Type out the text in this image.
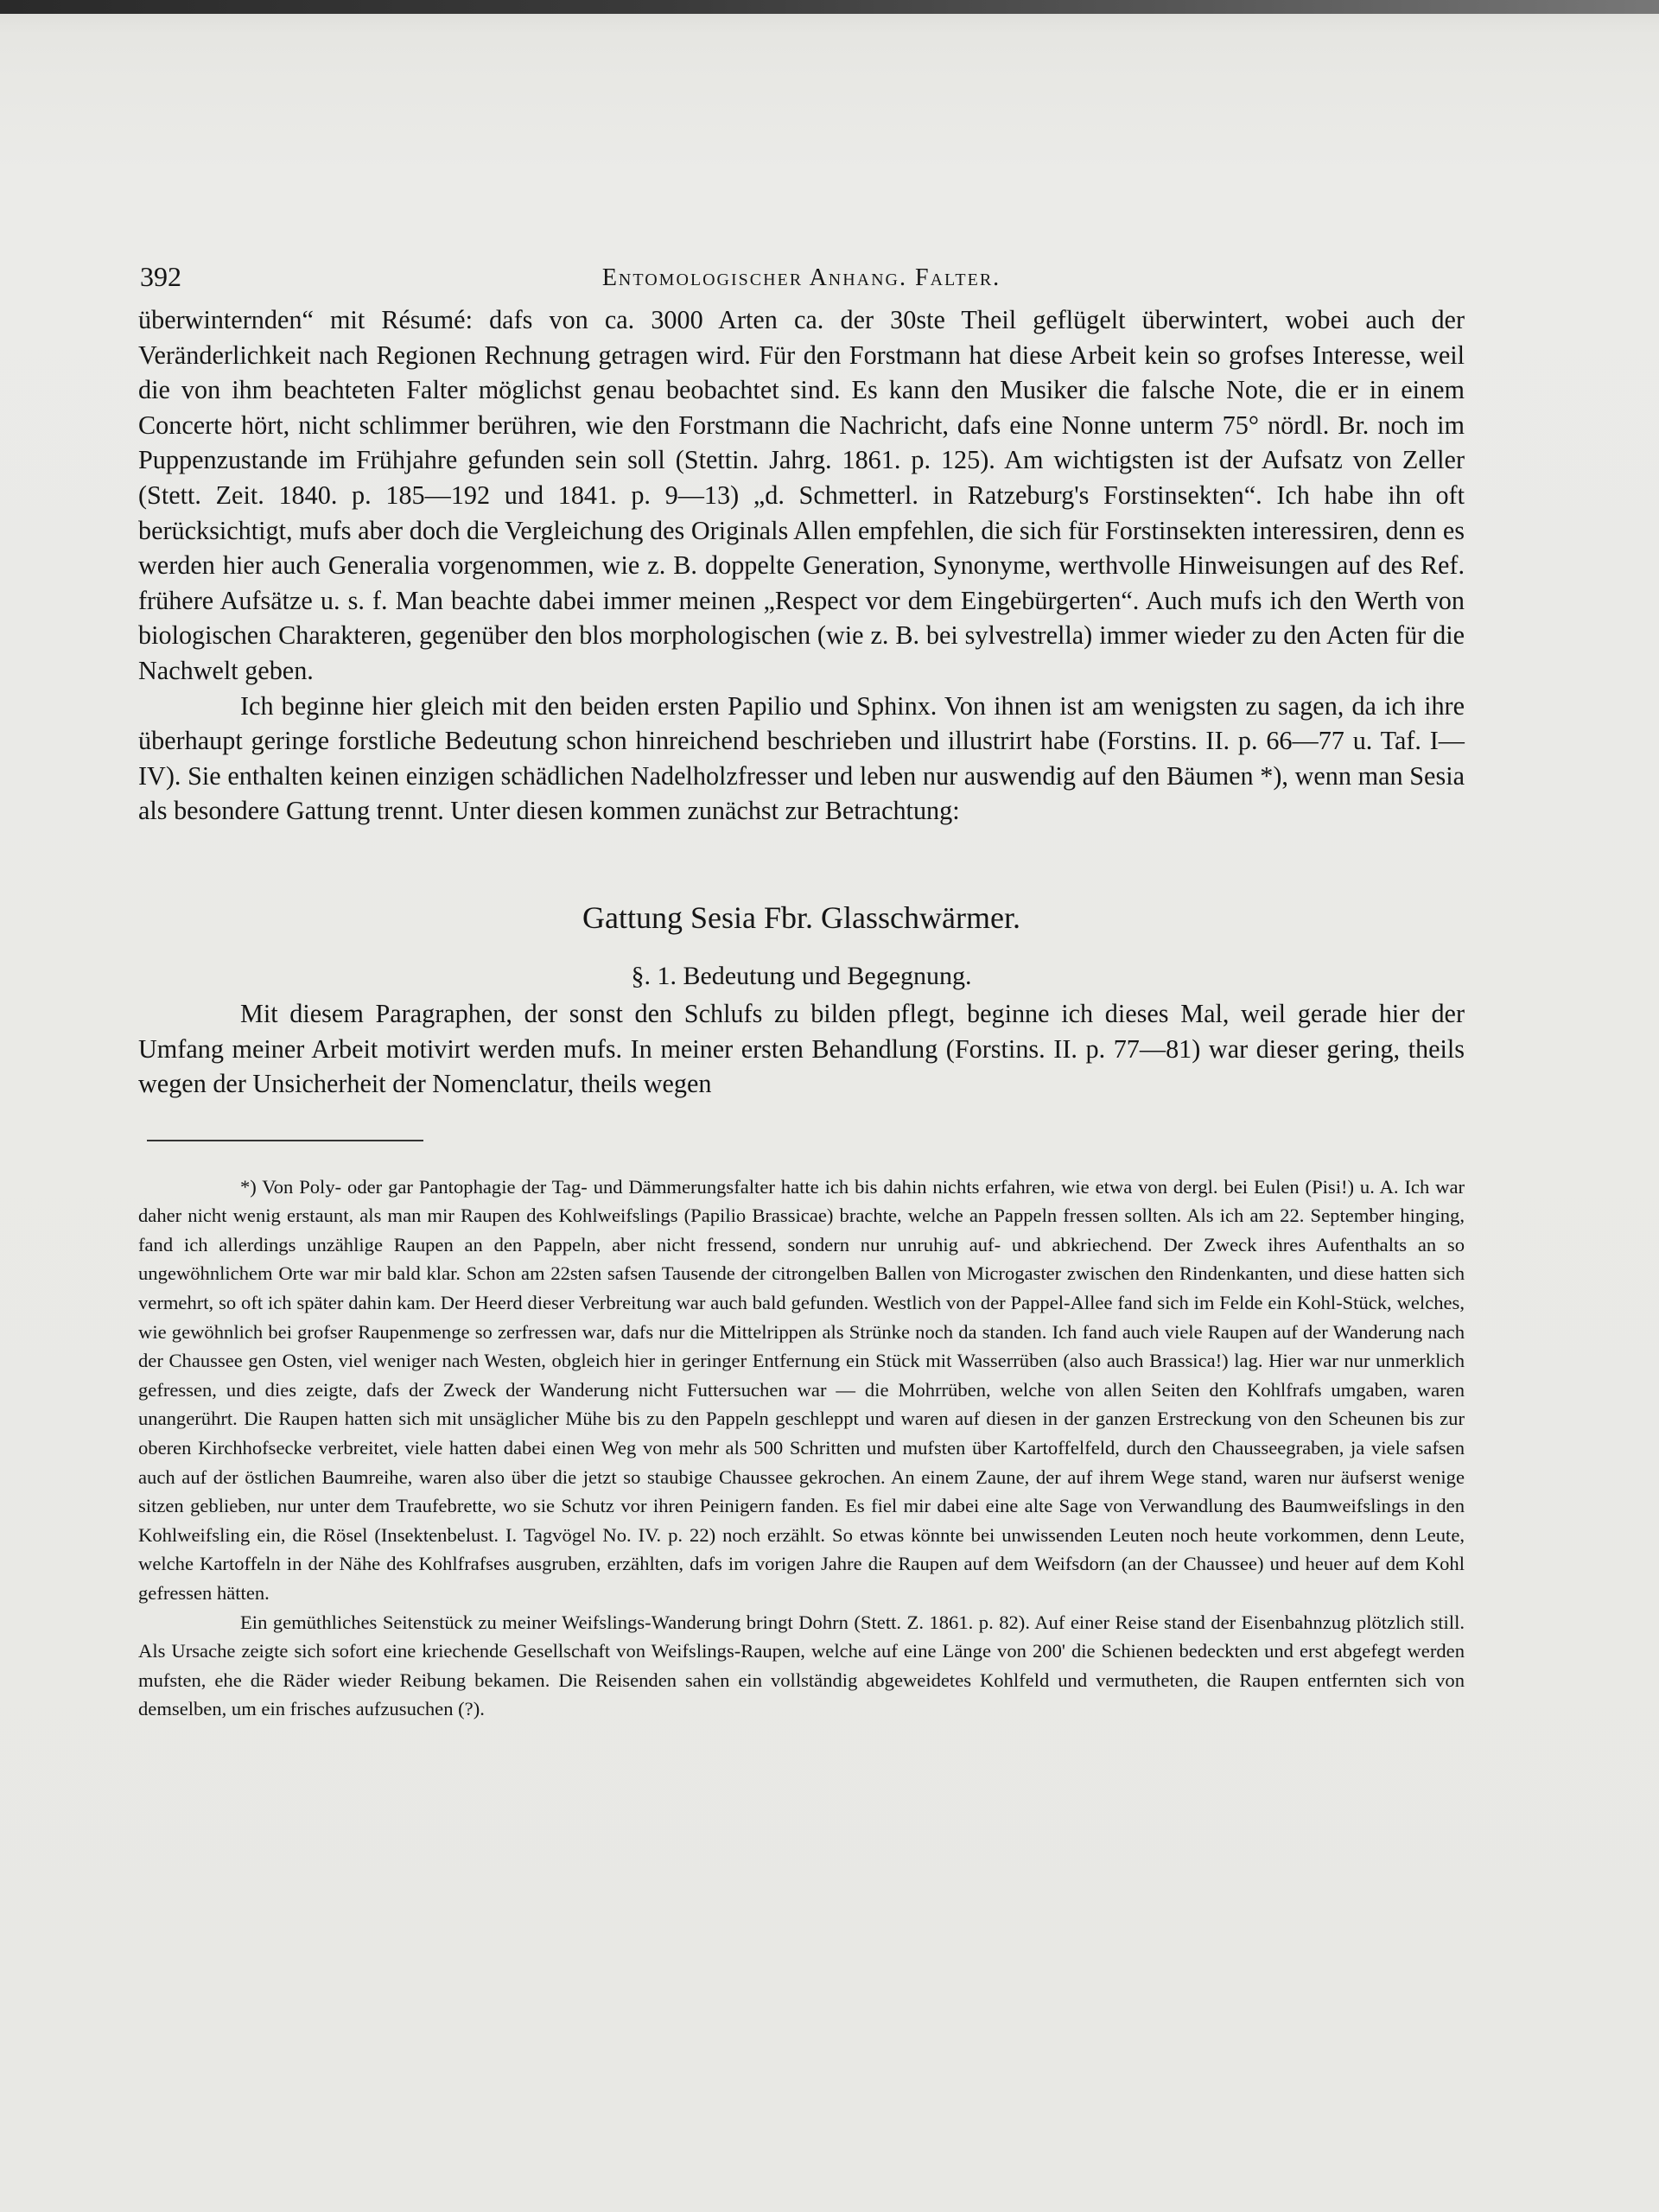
392	Entomologischer Anhang. Falter.

überwinternden“ mit Résumé: dafs von ca. 3000 Arten ca. der 30ste Theil geflügelt überwintert, wobei auch der Veränderlichkeit nach Regionen Rechnung getragen wird. Für den Forstmann hat diese Arbeit kein so grofses Interesse, weil die von ihm beachteten Falter möglichst genau beobachtet sind. Es kann den Musiker die falsche Note, die er in einem Concerte hört, nicht schlimmer berühren, wie den Forstmann die Nachricht, dafs eine Nonne unterm 75° nördl. Br. noch im Puppenzustande im Frühjahre gefunden sein soll (Stettin. Jahrg. 1861. p. 125). Am wichtigsten ist der Aufsatz von Zeller (Stett. Zeit. 1840. p. 185—192 und 1841. p. 9—13) „d. Schmetterl. in Ratzeburg's Forstinsekten“. Ich habe ihn oft berücksichtigt, mufs aber doch die Vergleichung des Originals Allen empfehlen, die sich für Forstinsekten interessiren, denn es werden hier auch Generalia vorgenommen, wie z. B. doppelte Generation, Synonyme, werthvolle Hinweisungen auf des Ref. frühere Aufsätze u. s. f. Man beachte dabei immer meinen „Respect vor dem Eingebürgerten“. Auch mufs ich den Werth von biologischen Charakteren, gegenüber den blos morphologischen (wie z. B. bei sylvestrella) immer wieder zu den Acten für die Nachwelt geben.

Ich beginne hier gleich mit den beiden ersten Papilio und Sphinx. Von ihnen ist am wenigsten zu sagen, da ich ihre überhaupt geringe forstliche Bedeutung schon hinreichend beschrieben und illustrirt habe (Forstins. II. p. 66—77 u. Taf. I—IV). Sie enthalten keinen einzigen schädlichen Nadelholzfresser und leben nur auswendig auf den Bäumen *), wenn man Sesia als besondere Gattung trennt. Unter diesen kommen zunächst zur Betrachtung:

Gattung Sesia Fbr. Glasschwärmer.
§. 1. Bedeutung und Begegnung.

Mit diesem Paragraphen, der sonst den Schlufs zu bilden pflegt, beginne ich dieses Mal, weil gerade hier der Umfang meiner Arbeit motivirt werden mufs. In meiner ersten Behandlung (Forstins. II. p. 77—81) war dieser gering, theils wegen der Unsicherheit der Nomenclatur, theils wegen

*) Von Poly- oder gar Pantophagie der Tag- und Dämmerungsfalter hatte ich bis dahin nichts erfahren, wie etwa von dergl. bei Eulen (Pisi!) u. A. Ich war daher nicht wenig erstaunt, als man mir Raupen des Kohlweifslings (Papilio Brassicae) brachte, welche an Pappeln fressen sollten. Als ich am 22. September hinging, fand ich allerdings unzählige Raupen an den Pappeln, aber nicht fressend, sondern nur unruhig auf- und abkriechend. Der Zweck ihres Aufenthalts an so ungewöhnlichem Orte war mir bald klar. Schon am 22sten safsen Tausende der citrongelben Ballen von Microgaster zwischen den Rindenkanten, und diese hatten sich vermehrt, so oft ich später dahin kam. Der Heerd dieser Verbreitung war auch bald gefunden. Westlich von der Pappel-Allee fand sich im Felde ein Kohl-Stück, welches, wie gewöhnlich bei grofser Raupenmenge so zerfressen war, dafs nur die Mittelrippen als Strünke noch da standen. Ich fand auch viele Raupen auf der Wanderung nach der Chaussee gen Osten, viel weniger nach Westen, obgleich hier in geringer Entfernung ein Stück mit Wasserrüben (also auch Brassica!) lag. Hier war nur unmerklich gefressen, und dies zeigte, dafs der Zweck der Wanderung nicht Futtersuchen war — die Mohrrüben, welche von allen Seiten den Kohlfrafs umgaben, waren unangerührt. Die Raupen hatten sich mit unsäglicher Mühe bis zu den Pappeln geschleppt und waren auf diesen in der ganzen Erstreckung von den Scheunen bis zur oberen Kirchhofsecke verbreitet, viele hatten dabei einen Weg von mehr als 500 Schritten und mufsten über Kartoffelfeld, durch den Chausseegraben, ja viele safsen auch auf der östlichen Baumreihe, waren also über die jetzt so staubige Chaussee gekrochen. An einem Zaune, der auf ihrem Wege stand, waren nur äufserst wenige sitzen geblieben, nur unter dem Traufebrette, wo sie Schutz vor ihren Peinigern fanden. Es fiel mir dabei eine alte Sage von Verwandlung des Baumweifslings in den Kohlweifsling ein, die Rösel (Insektenbelust. I. Tagvögel No. IV. p. 22) noch erzählt. So etwas könnte bei unwissenden Leuten noch heute vorkommen, denn Leute, welche Kartoffeln in der Nähe des Kohlfrafses ausgruben, erzählten, dafs im vorigen Jahre die Raupen auf dem Weifsdorn (an der Chaussee) und heuer auf dem Kohl gefressen hätten.

Ein gemüthliches Seitenstück zu meiner Weifslings-Wanderung bringt Dohrn (Stett. Z. 1861. p. 82). Auf einer Reise stand der Eisenbahnzug plötzlich still. Als Ursache zeigte sich sofort eine kriechende Gesellschaft von Weifslings-Raupen, welche auf eine Länge von 200' die Schienen bedeckten und erst abgefegt werden mufsten, ehe die Räder wieder Reibung bekamen. Die Reisenden sahen ein vollständig abgeweidetes Kohlfeld und vermutheten, die Raupen entfernten sich von demselben, um ein frisches aufzusuchen (?).
